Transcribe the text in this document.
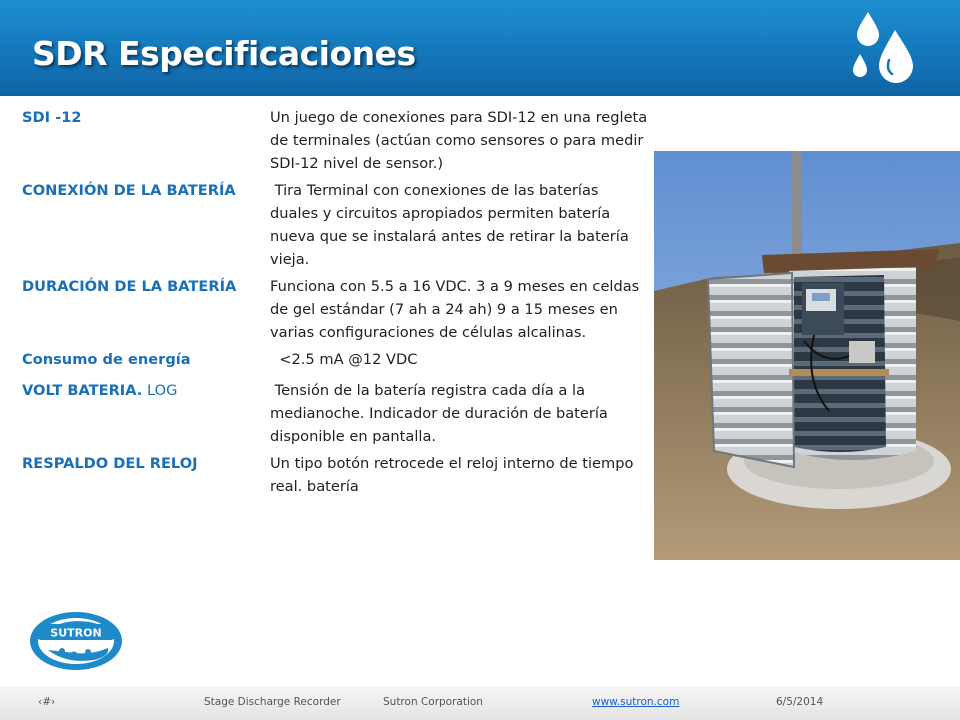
SDR Especificaciones
SDI -12	Un juego de conexiones para SDI-12 en una regleta de terminales (actúan como sensores o para medir SDI-12 nivel de sensor.)
CONEXIÓN DE LA BATERÍA	Tira Terminal con conexiones de las baterías duales y circuitos apropiados permiten batería nueva que se instalará antes de retirar la batería vieja.
DURACIÓN DE LA BATERÍA	Funciona con 5.5 a 16 VDC. 3 a 9 meses en celdas de gel estándar (7 ah a 24 ah) 9 a 15 meses en varias configuraciones de células alcalinas.
Consumo de energía	<2.5 mA @12 VDC
VOLT BATERIA. LOG	Tensión de la batería registra cada día a la medianoche. Indicador de duración de batería disponible en pantalla.
RESPALDO DEL RELOJ	Un tipo botón retrocede el reloj interno de tiempo real. batería
SUTRON
‹#›	Stage Discharge Recorder	Sutron Corporation	www.sutron.com	6/5/2014
